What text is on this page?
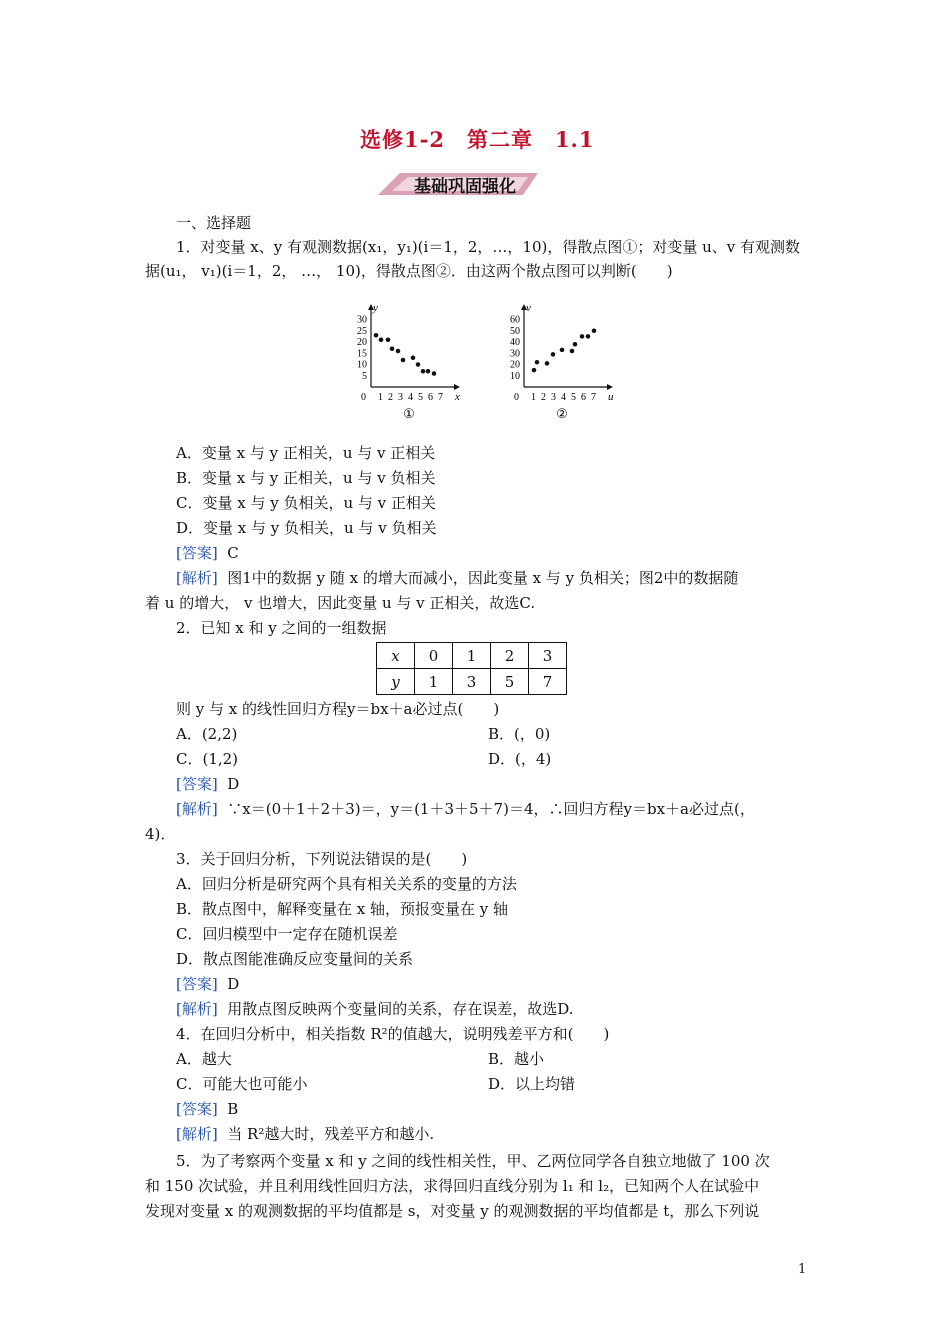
选修1-2　第二章　1.1
基础巩固强化
一、选择题
1．对变量 x、y 有观测数据(x₁，y₁)(i＝1，2，…，10)，得散点图①；对变量 u、v 有观测数
据(u₁， v₁)(i＝1，2， …， 10)，得散点图②．由这两个散点图可以判断(　　)
x
y
0 1 2 3 4 5 6 7
5
10
15
20
25
30
①
u
v
0 1 2 3 4 5 6 7
10
20
30
40
50
60
②
A．变量 x 与 y 正相关，u 与 v 正相关
B．变量 x 与 y 正相关，u 与 v 负相关
C．变量 x 与 y 负相关，u 与 v 正相关
D．变量 x 与 y 负相关，u 与 v 负相关
[答案] C
[解析] 图1中的数据 y 随 x 的增大而减小，因此变量 x 与 y 负相关；图2中的数据随
着 u 的增大， v 也增大，因此变量 u 与 v 正相关，故选C.
2．已知 x 和 y 之间的一组数据
x	0	1	2	3
y	1	3	5	7
则 y 与 x 的线性回归方程y＝bx＋a必过点(　　)
A．(2,2)	B．(，0)
C．(1,2)	D．(，4)
[答案] D
[解析] ∵x＝(0＋1＋2＋3)＝，y＝(1＋3＋5＋7)＝4，∴回归方程y＝bx＋a必过点(，
4)．
3．关于回归分析，下列说法错误的是(　　)
A．回归分析是研究两个具有相关关系的变量的方法
B．散点图中，解释变量在 x 轴，预报变量在 y 轴
C．回归模型中一定存在随机误差
D．散点图能准确反应变量间的关系
[答案] D
[解析] 用散点图反映两个变量间的关系，存在误差，故选D.
4．在回归分析中，相关指数 R²的值越大，说明残差平方和(　　)
A．越大	B．越小
C．可能大也可能小	D．以上均错
[答案] B
[解析] 当 R²越大时，残差平方和越小.
5．为了考察两个变量 x 和 y 之间的线性相关性，甲、乙两位同学各自独立地做了 100 次
和 150 次试验，并且利用线性回归方法，求得回归直线分别为 l₁ 和 l₂，已知两个人在试验中
发现对变量 x 的观测数据的平均值都是 s，对变量 y 的观测数据的平均值都是 t，那么下列说
1
